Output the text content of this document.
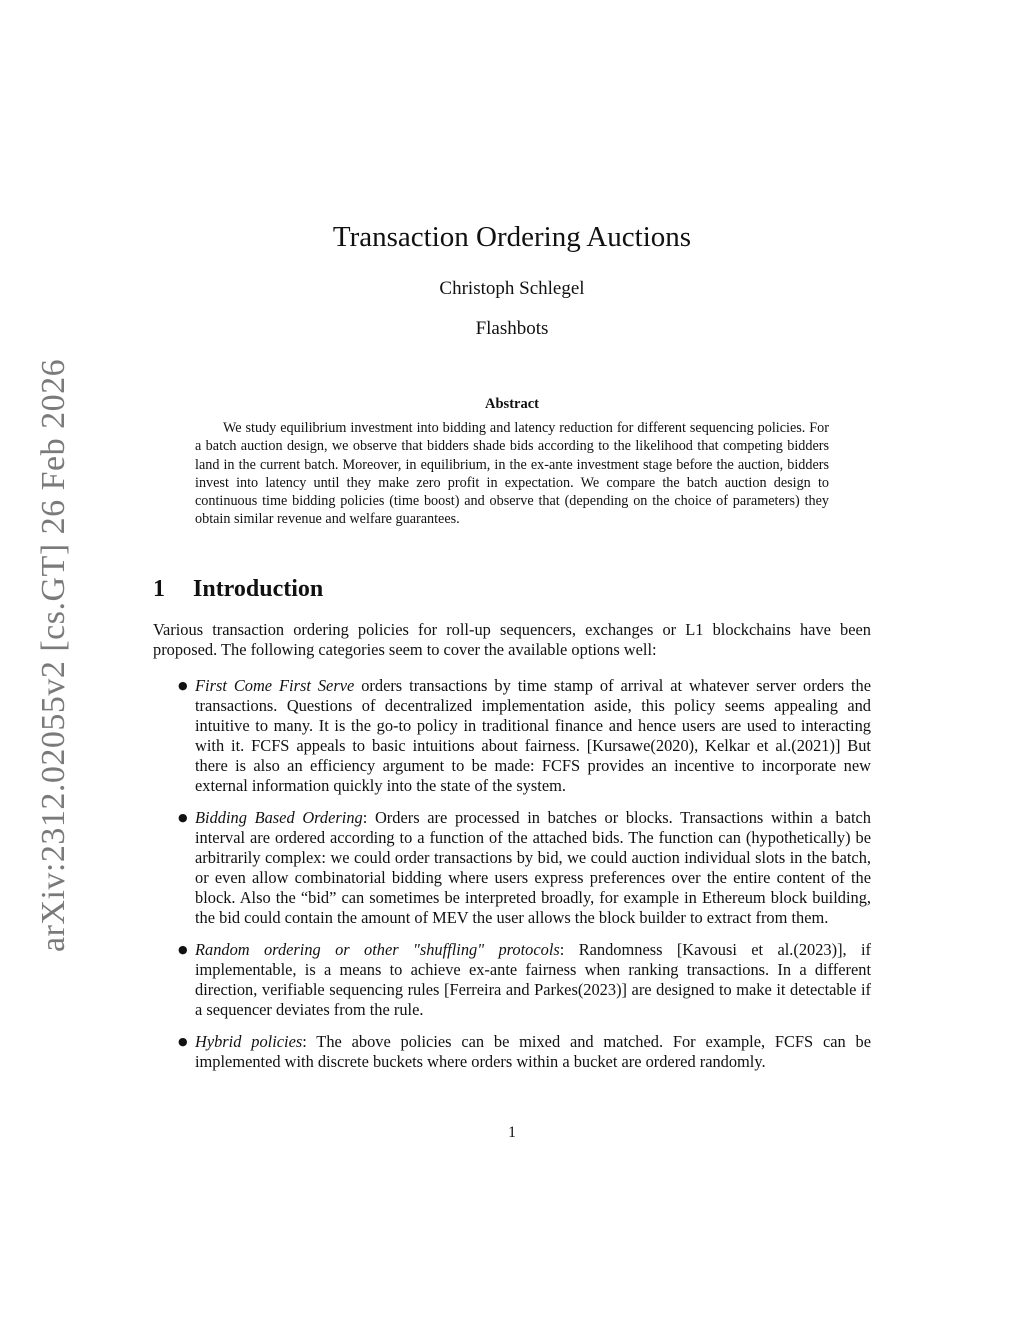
arXiv:2312.02055v2 [cs.GT] 26 Feb 2026
Transaction Ordering Auctions
Christoph Schlegel
Flashbots
Abstract

We study equilibrium investment into bidding and latency reduction for different sequencing policies. For a batch auction design, we observe that bidders shade bids according to the likelihood that competing bidders land in the current batch. Moreover, in equilibrium, in the ex-ante investment stage before the auction, bidders invest into latency until they make zero profit in expectation. We compare the batch auction design to continuous time bidding policies (time boost) and observe that (depending on the choice of parameters) they obtain similar revenue and welfare guarantees.

1 Introduction

Various transaction ordering policies for roll-up sequencers, exchanges or L1 blockchains have been proposed. The following categories seem to cover the available options well:

● First Come First Serve orders transactions by time stamp of arrival at whatever server orders the transactions. Questions of decentralized implementation aside, this policy seems appealing and intuitive to many. It is the go-to policy in traditional finance and hence users are used to interacting with it. FCFS appeals to basic intuitions about fairness. [Kursawe(2020), Kelkar et al.(2021)] But there is also an efficiency argument to be made: FCFS provides an incentive to incorporate new external information quickly into the state of the system.
● Bidding Based Ordering: Orders are processed in batches or blocks. Transactions within a batch interval are ordered according to a function of the attached bids. The function can (hypothetically) be arbitrarily complex: we could order transactions by bid, we could auction individual slots in the batch, or even allow combinatorial bidding where users express preferences over the entire content of the block. Also the “bid” can sometimes be interpreted broadly, for example in Ethereum block building, the bid could contain the amount of MEV the user allows the block builder to extract from them.
● Random ordering or other "shuffling" protocols: Randomness [Kavousi et al.(2023)], if implementable, is a means to achieve ex-ante fairness when ranking transactions. In a different direction, verifiable sequencing rules [Ferreira and Parkes(2023)] are designed to make it detectable if a sequencer deviates from the rule.
● Hybrid policies: The above policies can be mixed and matched. For example, FCFS can be implemented with discrete buckets where orders within a bucket are ordered randomly.
1
